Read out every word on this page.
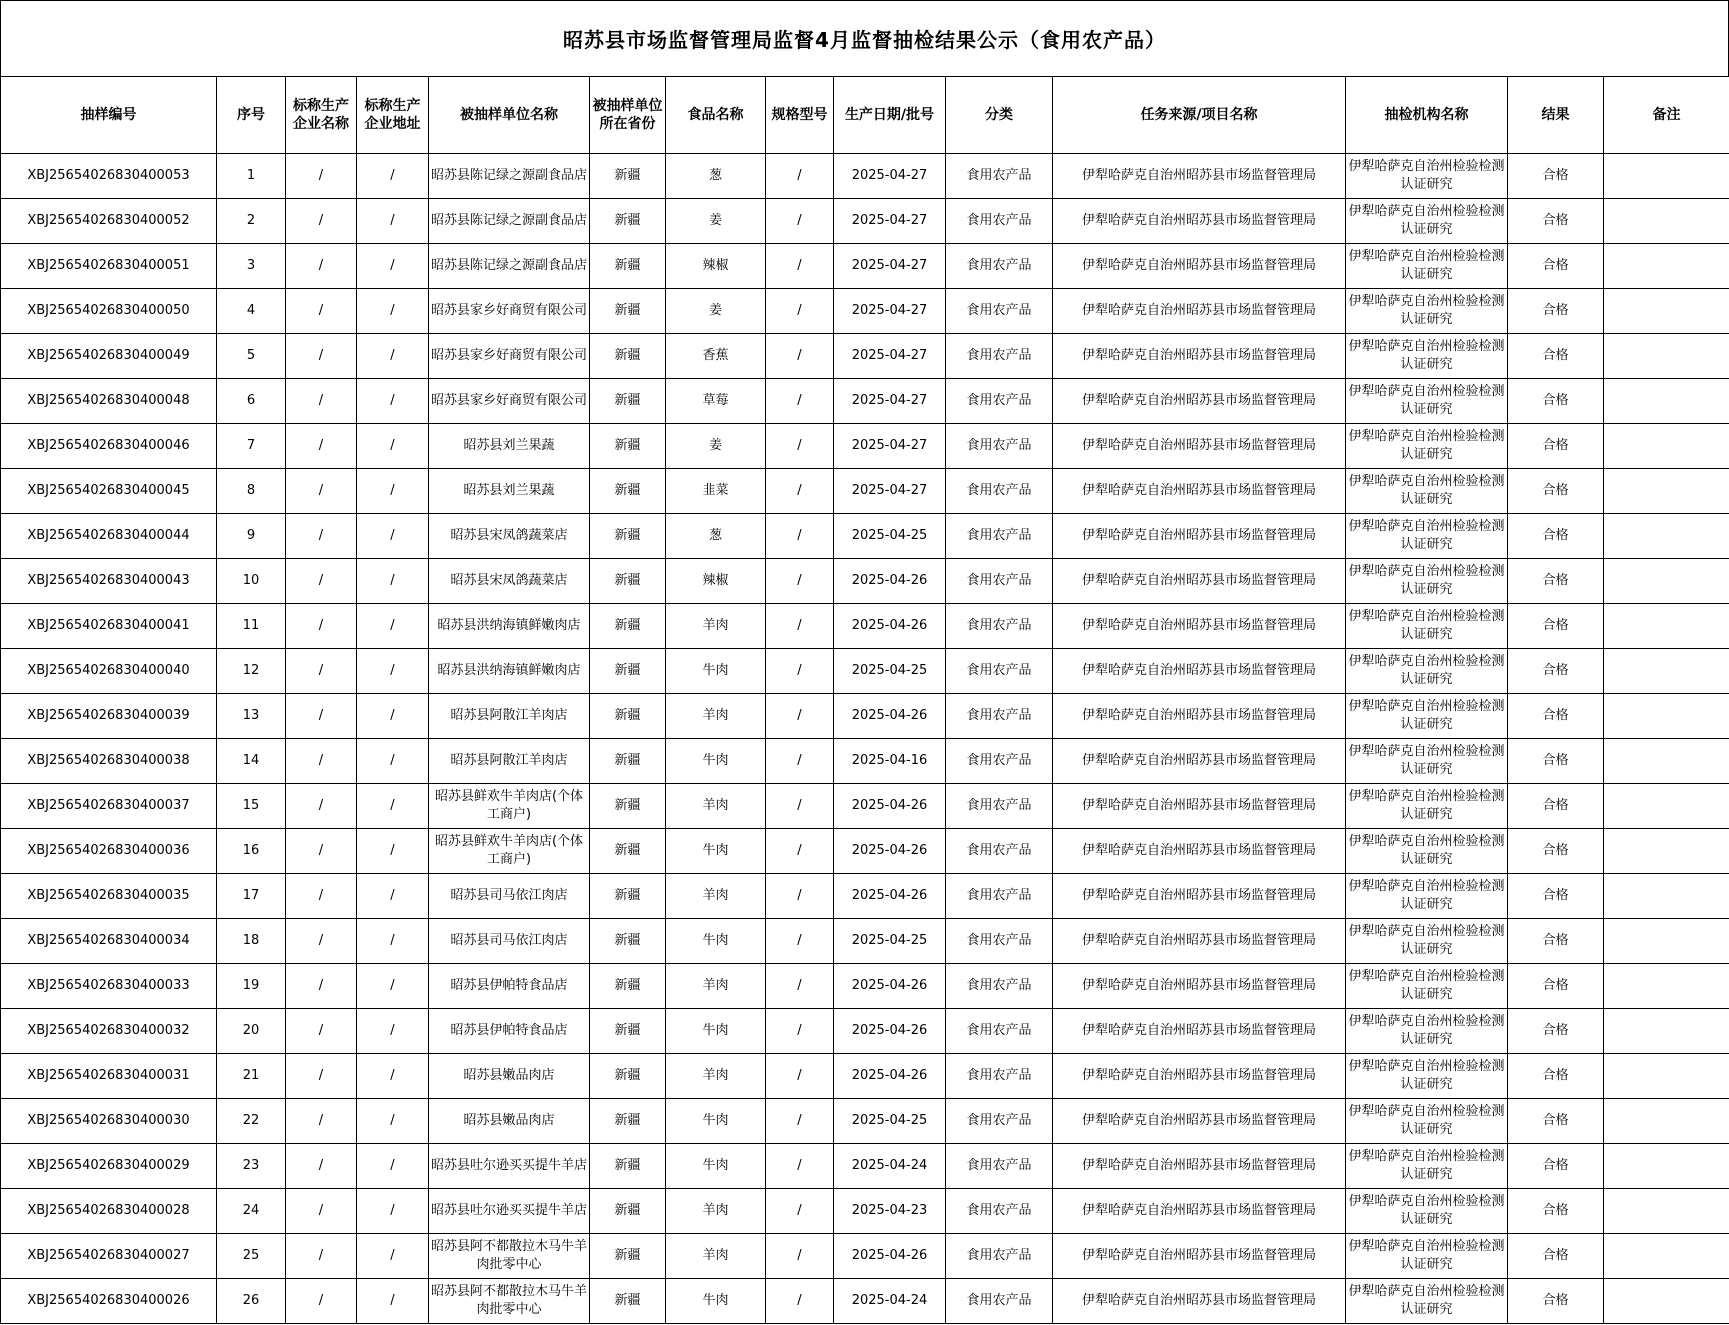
昭苏县市场监督管理局监督4月监督抽检结果公示（食用农产品）
抽样编号	序号	标称生产企业名称	标称生产企业地址	被抽样单位名称	被抽样单位所在省份	食品名称	规格型号	生产日期/批号	分类	任务来源/项目名称	抽检机构名称	结果	备注
XBJ25654026830400053	1	/	/	昭苏县陈记绿之源副食品店	新疆	葱	/	2025-04-27	食用农产品	伊犁哈萨克自治州昭苏县市场监督管理局	伊犁哈萨克自治州检验检测认证研究	合格	
XBJ25654026830400052	2	/	/	昭苏县陈记绿之源副食品店	新疆	姜	/	2025-04-27	食用农产品	伊犁哈萨克自治州昭苏县市场监督管理局	伊犁哈萨克自治州检验检测认证研究	合格	
XBJ25654026830400051	3	/	/	昭苏县陈记绿之源副食品店	新疆	辣椒	/	2025-04-27	食用农产品	伊犁哈萨克自治州昭苏县市场监督管理局	伊犁哈萨克自治州检验检测认证研究	合格	
XBJ25654026830400050	4	/	/	昭苏县家乡好商贸有限公司	新疆	姜	/	2025-04-27	食用农产品	伊犁哈萨克自治州昭苏县市场监督管理局	伊犁哈萨克自治州检验检测认证研究	合格	
XBJ25654026830400049	5	/	/	昭苏县家乡好商贸有限公司	新疆	香蕉	/	2025-04-27	食用农产品	伊犁哈萨克自治州昭苏县市场监督管理局	伊犁哈萨克自治州检验检测认证研究	合格	
XBJ25654026830400048	6	/	/	昭苏县家乡好商贸有限公司	新疆	草莓	/	2025-04-27	食用农产品	伊犁哈萨克自治州昭苏县市场监督管理局	伊犁哈萨克自治州检验检测认证研究	合格	
XBJ25654026830400046	7	/	/	昭苏县刘兰果蔬	新疆	姜	/	2025-04-27	食用农产品	伊犁哈萨克自治州昭苏县市场监督管理局	伊犁哈萨克自治州检验检测认证研究	合格	
XBJ25654026830400045	8	/	/	昭苏县刘兰果蔬	新疆	韭菜	/	2025-04-27	食用农产品	伊犁哈萨克自治州昭苏县市场监督管理局	伊犁哈萨克自治州检验检测认证研究	合格	
XBJ25654026830400044	9	/	/	昭苏县宋凤鸽蔬菜店	新疆	葱	/	2025-04-25	食用农产品	伊犁哈萨克自治州昭苏县市场监督管理局	伊犁哈萨克自治州检验检测认证研究	合格	
XBJ25654026830400043	10	/	/	昭苏县宋凤鸽蔬菜店	新疆	辣椒	/	2025-04-26	食用农产品	伊犁哈萨克自治州昭苏县市场监督管理局	伊犁哈萨克自治州检验检测认证研究	合格	
XBJ25654026830400041	11	/	/	昭苏县洪纳海镇鲜嫩肉店	新疆	羊肉	/	2025-04-26	食用农产品	伊犁哈萨克自治州昭苏县市场监督管理局	伊犁哈萨克自治州检验检测认证研究	合格	
XBJ25654026830400040	12	/	/	昭苏县洪纳海镇鲜嫩肉店	新疆	牛肉	/	2025-04-25	食用农产品	伊犁哈萨克自治州昭苏县市场监督管理局	伊犁哈萨克自治州检验检测认证研究	合格	
XBJ25654026830400039	13	/	/	昭苏县阿散江羊肉店	新疆	羊肉	/	2025-04-26	食用农产品	伊犁哈萨克自治州昭苏县市场监督管理局	伊犁哈萨克自治州检验检测认证研究	合格	
XBJ25654026830400038	14	/	/	昭苏县阿散江羊肉店	新疆	牛肉	/	2025-04-16	食用农产品	伊犁哈萨克自治州昭苏县市场监督管理局	伊犁哈萨克自治州检验检测认证研究	合格	
XBJ25654026830400037	15	/	/	昭苏县鲜欢牛羊肉店(个体工商户)	新疆	羊肉	/	2025-04-26	食用农产品	伊犁哈萨克自治州昭苏县市场监督管理局	伊犁哈萨克自治州检验检测认证研究	合格	
XBJ25654026830400036	16	/	/	昭苏县鲜欢牛羊肉店(个体工商户)	新疆	牛肉	/	2025-04-26	食用农产品	伊犁哈萨克自治州昭苏县市场监督管理局	伊犁哈萨克自治州检验检测认证研究	合格	
XBJ25654026830400035	17	/	/	昭苏县司马依江肉店	新疆	羊肉	/	2025-04-26	食用农产品	伊犁哈萨克自治州昭苏县市场监督管理局	伊犁哈萨克自治州检验检测认证研究	合格	
XBJ25654026830400034	18	/	/	昭苏县司马依江肉店	新疆	牛肉	/	2025-04-25	食用农产品	伊犁哈萨克自治州昭苏县市场监督管理局	伊犁哈萨克自治州检验检测认证研究	合格	
XBJ25654026830400033	19	/	/	昭苏县伊帕特食品店	新疆	羊肉	/	2025-04-26	食用农产品	伊犁哈萨克自治州昭苏县市场监督管理局	伊犁哈萨克自治州检验检测认证研究	合格	
XBJ25654026830400032	20	/	/	昭苏县伊帕特食品店	新疆	牛肉	/	2025-04-26	食用农产品	伊犁哈萨克自治州昭苏县市场监督管理局	伊犁哈萨克自治州检验检测认证研究	合格	
XBJ25654026830400031	21	/	/	昭苏县嫩品肉店	新疆	羊肉	/	2025-04-26	食用农产品	伊犁哈萨克自治州昭苏县市场监督管理局	伊犁哈萨克自治州检验检测认证研究	合格	
XBJ25654026830400030	22	/	/	昭苏县嫩品肉店	新疆	牛肉	/	2025-04-25	食用农产品	伊犁哈萨克自治州昭苏县市场监督管理局	伊犁哈萨克自治州检验检测认证研究	合格	
XBJ25654026830400029	23	/	/	昭苏县吐尔逊买买提牛羊店	新疆	牛肉	/	2025-04-24	食用农产品	伊犁哈萨克自治州昭苏县市场监督管理局	伊犁哈萨克自治州检验检测认证研究	合格	
XBJ25654026830400028	24	/	/	昭苏县吐尔逊买买提牛羊店	新疆	羊肉	/	2025-04-23	食用农产品	伊犁哈萨克自治州昭苏县市场监督管理局	伊犁哈萨克自治州检验检测认证研究	合格	
XBJ25654026830400027	25	/	/	昭苏县阿不都散拉木马牛羊肉批零中心	新疆	羊肉	/	2025-04-26	食用农产品	伊犁哈萨克自治州昭苏县市场监督管理局	伊犁哈萨克自治州检验检测认证研究	合格	
XBJ25654026830400026	26	/	/	昭苏县阿不都散拉木马牛羊肉批零中心	新疆	牛肉	/	2025-04-24	食用农产品	伊犁哈萨克自治州昭苏县市场监督管理局	伊犁哈萨克自治州检验检测认证研究	合格	
